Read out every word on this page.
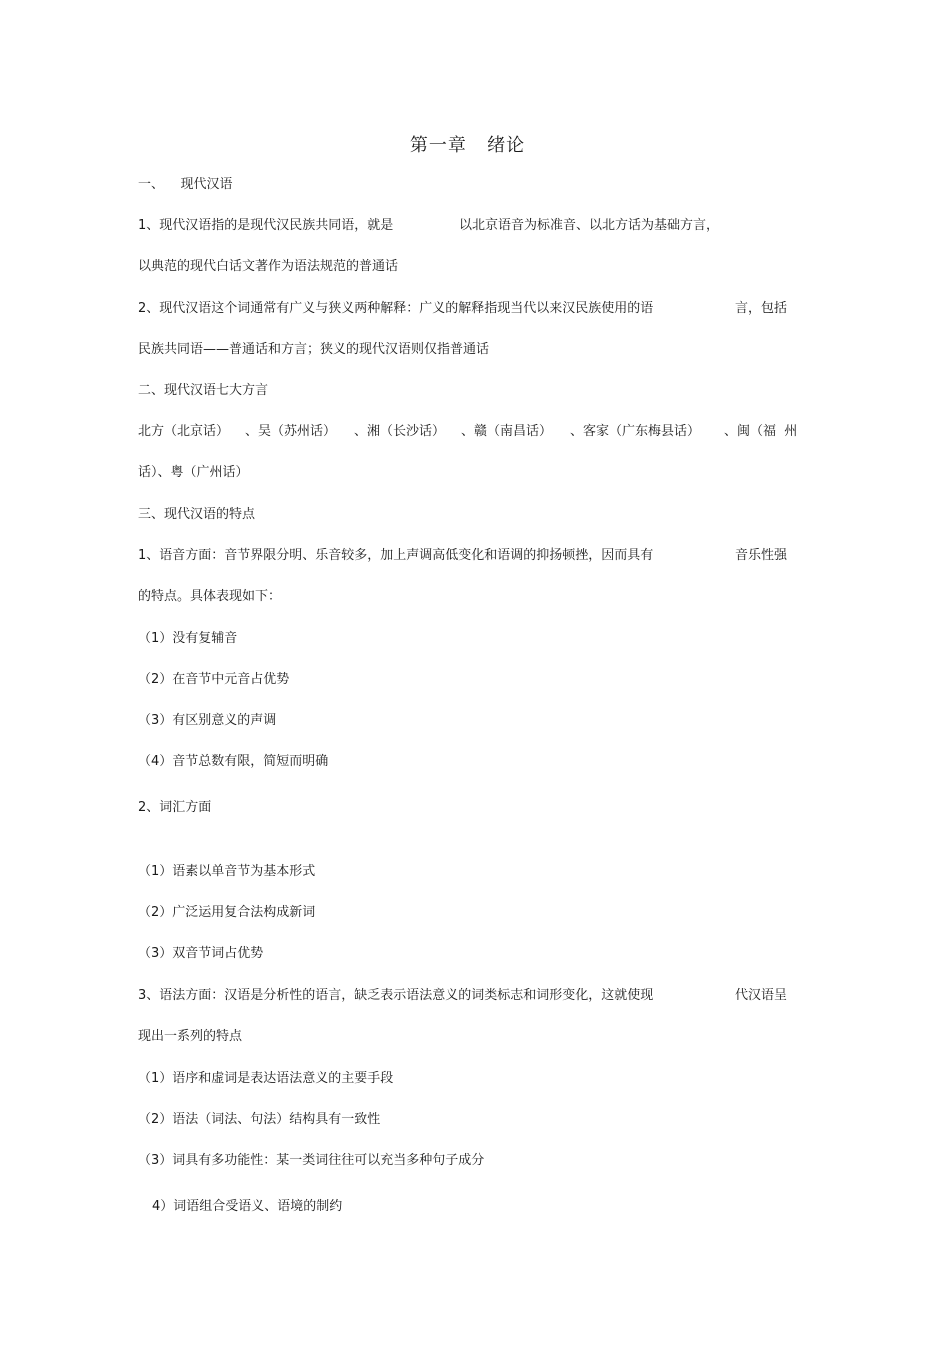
第一章   绪论
一、    现代汉语
1、现代汉语指的是现代汉民族共同语，就是	以北京语音为标准音、以北方话为基础方言，
以典范的现代白话文著作为语法规范的普通话
2、现代汉语这个词通常有广义与狭义两种解释：广义的解释指现当代以来汉民族使用的语	言，包括
民族共同语——普通话和方言；狭义的现代汉语则仅指普通话
二、现代汉语七大方言
北方（北京话） 、吴（苏州话） 、湘（长沙话） 、赣（南昌话） 、客家（广东梅县话） 、闽（福  州
话）、粤（广州话）
三、现代汉语的特点
1、语音方面：音节界限分明、乐音较多，加上声调高低变化和语调的抑扬顿挫，因而具有	音乐性强
的特点。具体表现如下：
（1）没有复辅音
（2）在音节中元音占优势
（3）有区别意义的声调
（4）音节总数有限，简短而明确
2、词汇方面
（1）语素以单音节为基本形式
（2）广泛运用复合法构成新词
（3）双音节词占优势
3、语法方面：汉语是分析性的语言，缺乏表示语法意义的词类标志和词形变化，这就使现	代汉语呈
现出一系列的特点
（1）语序和虚词是表达语法意义的主要手段
（2）语法（词法、句法）结构具有一致性
（3）词具有多功能性：某一类词往往可以充当多种句子成分
4）词语组合受语义、语境的制约
